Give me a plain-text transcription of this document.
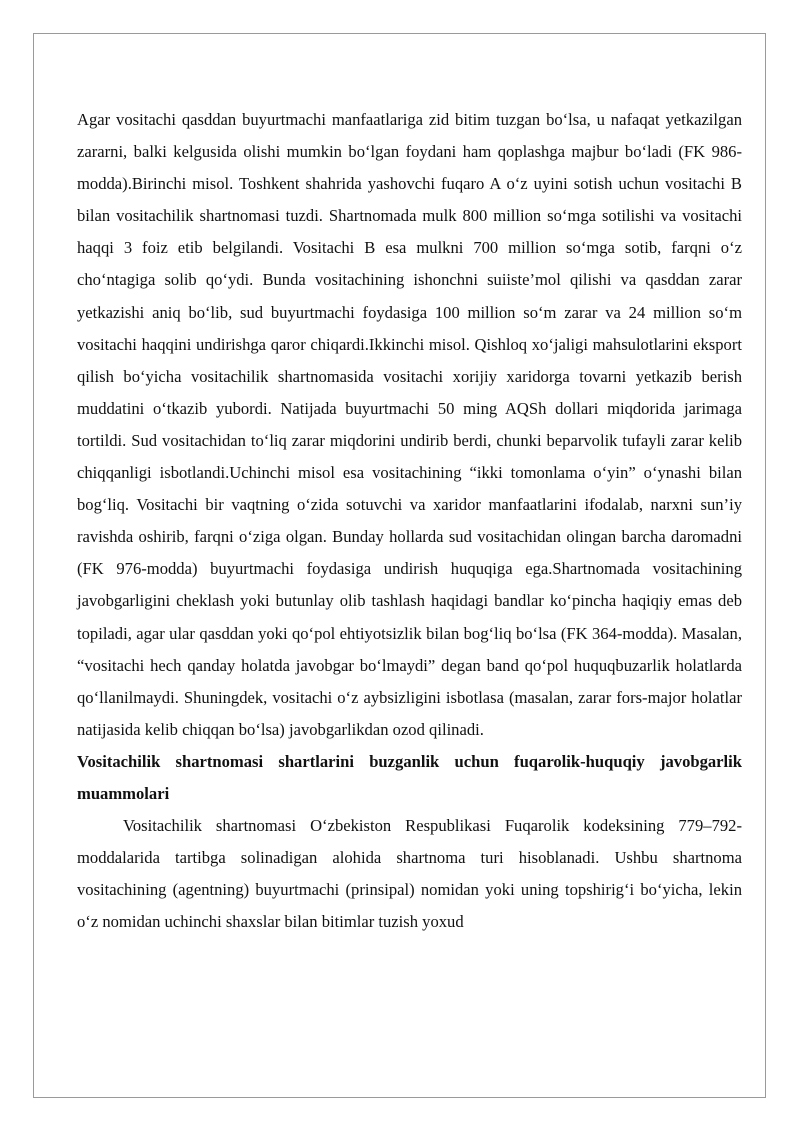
Agar vositachi qasddan buyurtmachi manfaatlariga zid bitim tuzgan bo‘lsa, u nafaqat yetkazilgan zararni, balki kelgusida olishi mumkin bo‘lgan foydani ham qoplashga majbur bo‘ladi (FK 986-modda).Birinchi misol. Toshkent shahrida yashovchi fuqaro A o‘z uyini sotish uchun vositachi B bilan vositachilik shartnomasi tuzdi. Shartnomada mulk 800 million so‘mga sotilishi va vositachi haqqi 3 foiz etib belgilandi. Vositachi B esa mulkni 700 million so‘mga sotib, farqni o‘z cho‘ntagiga solib qo‘ydi. Bunda vositachining ishonchni suiiste’mol qilishi va qasddan zarar yetkazishi aniq bo‘lib, sud buyurtmachi foydasiga 100 million so‘m zarar va 24 million so‘m vositachi haqqini undirishga qaror chiqardi.Ikkinchi misol. Qishloq xo‘jaligi mahsulotlarini eksport qilish bo‘yicha vositachilik shartnomasida vositachi xorijiy xaridorga tovarni yetkazib berish muddatini o‘tkazib yubordi. Natijada buyurtmachi 50 ming AQSh dollari miqdorida jarimaga tortildi. Sud vositachidan to‘liq zarar miqdorini undirib berdi, chunki beparvolik tufayli zarar kelib chiqqanligi isbotlandi.Uchinchi misol esa vositachining “ikki tomonlama o‘yin” o‘ynashi bilan bog‘liq. Vositachi bir vaqtning o‘zida sotuvchi va xaridor manfaatlarini ifodalab, narxni sun’iy ravishda oshirib, farqni o‘ziga olgan. Bunday hollarda sud vositachidan olingan barcha daromadni (FK 976-modda) buyurtmachi foydasiga undirish huquqiga ega.Shartnomada vositachining javobgarligini cheklash yoki butunlay olib tashlash haqidagi bandlar ko‘pincha haqiqiy emas deb topiladi, agar ular qasddan yoki qo‘pol ehtiyotsizlik bilan bog‘liq bo‘lsa (FK 364-modda). Masalan, “vositachi hech qanday holatda javobgar bo‘lmaydi” degan band qo‘pol huquqbuzarlik holatlarda qo‘llanilmaydi. Shuningdek, vositachi o‘z aybsizligini isbotlasa (masalan, zarar fors-major holatlar natijasida kelib chiqqan bo‘lsa) javobgarlikdan ozod qilinadi.

Vositachilik shartnomasi shartlarini buzganlik uchun fuqarolik-huquqiy javobgarlik muammolari

Vositachilik shartnomasi O‘zbekiston Respublikasi Fuqarolik kodeksining 779–792-moddalarida tartibga solinadigan alohida shartnoma turi hisoblanadi. Ushbu shartnoma vositachining (agentning) buyurtmachi (prinsipal) nomidan yoki uning topshirig‘i bo‘yicha, lekin o‘z nomidan uchinchi shaxslar bilan bitimlar tuzish yoxud
